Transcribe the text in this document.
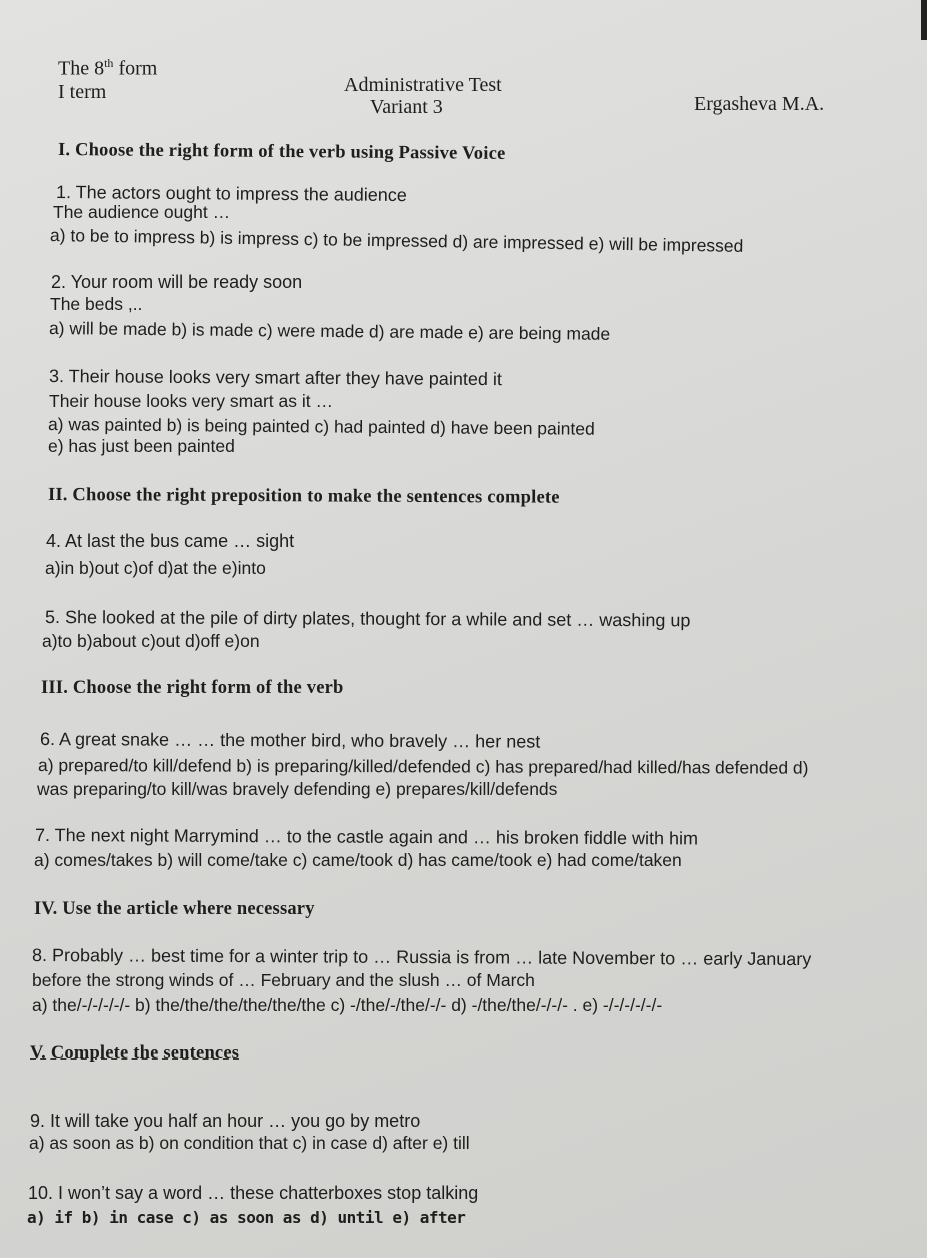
The 8th form
I term	Administrative Test
Variant 3	Ergasheva M.A.
I. Choose the right form of the verb using Passive Voice
1. The actors ought to impress the audience
The audience ought …
a) to be to impress b) is impress c) to be impressed d) are impressed e) will be impressed
2. Your room will be ready soon
The beds ,..
a) will be made b) is made c) were made d) are made e) are being made
3. Their house looks very smart after they have painted it
Their house looks very smart as it …
a) was painted b) is being painted c) had painted d) have been painted
e) has just been painted
II. Choose the right preposition to make the sentences complete
4. At last the bus came … sight
a)in b)out c)of d)at the e)into
5. She looked at the pile of dirty plates, thought for a while and set … washing up
a)to b)about c)out d)off e)on
III. Choose the right form of the verb
6. A great snake … … the mother bird, who bravely … her nest
a) prepared/to kill/defend b) is preparing/killed/defended c) has prepared/had killed/has defended d)
was preparing/to kill/was bravely defending e) prepares/kill/defends
7. The next night Marrymind … to the castle again and … his broken fiddle with him
a) comes/takes b) will come/take c) came/took d) has came/took e) had come/taken
IV. Use the article where necessary
8. Probably … best time for a winter trip to … Russia is from … late November to … early January
before the strong winds of … February and the slush … of March
a) the/-/-/-/-/- b) the/the/the/the/the/the c) -/the/-/the/-/- d) -/the/the/-/-/- . e) -/-/-/-/-/-
V. Complete the sentences
9. It will take you half an hour … you go by metro
a) as soon as b) on condition that c) in case d) after e) till
10. I won’t say a word … these chatterboxes stop talking
a) if b) in case c) as soon as d) until e) after
